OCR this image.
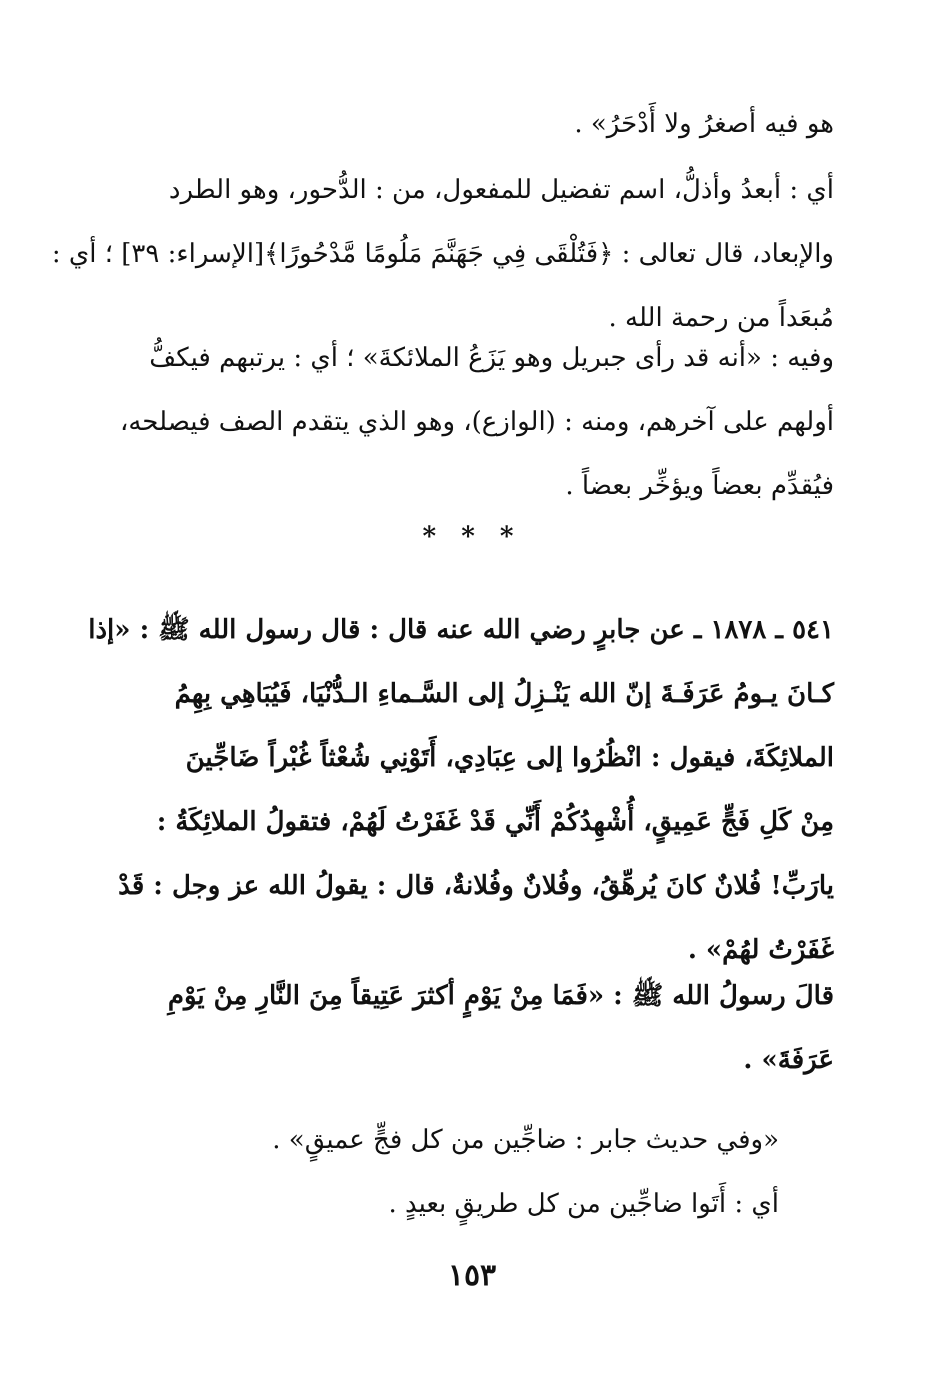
هو فيه أصغرُ ولا أَدْحَرُ» .
أي : أبعدُ وأذلُّ، اسم تفضيل للمفعول، من : الدُّحور، وهو الطرد
والإبعاد، قال تعالى : ﴿فَتُلْقَى فِي جَهَنَّمَ مَلُومًا مَّدْحُورًا﴾[الإسراء: ٣٩] ؛ أي :
مُبعَداً من رحمة الله .
وفيه : «أنه قد رأى جبريل وهو يَزَعُ الملائكةَ» ؛ أي : يرتبهم فيكفُّ
أولهم على آخرهم، ومنه : (الوازع)، وهو الذي يتقدم الصف فيصلحه،
فيُقدِّم بعضاً ويؤخِّر بعضاً .
* * *
٥٤١ ـ ١٨٧٨ ـ عن جابرٍ رضي الله عنه قال : قال رسول الله ﷺ : «إذا
كـانَ يـومُ عَرَفَـةَ إنّ الله يَنْـزِلُ إلى السَّـماءِ الـدُّنْيَا، فَيُبَاهِي بِهِمُ
الملائِكَةَ، فيقول : انْظُرُوا إلى عِبَادِي، أَتَوْنِي شُعْثاً غُبْراً ضَاجِّينَ
مِنْ كَلِ فَجٍّ عَمِيقٍ، أُشْهِدُكُمْ أَنِّي قَدْ غَفَرْتُ لَهُمْ، فتقولُ الملائِكَةُ :
يارَبِّ! فُلانٌ كانَ يُرهِّقُ، وفُلانٌ وفُلانةٌ، قال : يقولُ الله عز وجل : قَدْ
غَفَرْتُ لهُمْ» .
قالَ رسولُ الله ﷺ : «فَمَا مِنْ يَوْمٍ أكثرَ عَتِيقاً مِنَ النَّارِ مِنْ يَوْمِ
عَرَفَةَ» .
«وفي حديث جابر : ضاجِّين من كل فجٍّ عميقٍ» .
أي : أَتَوا ضاجِّين من كل طريقٍ بعيدٍ .
١٥٣
